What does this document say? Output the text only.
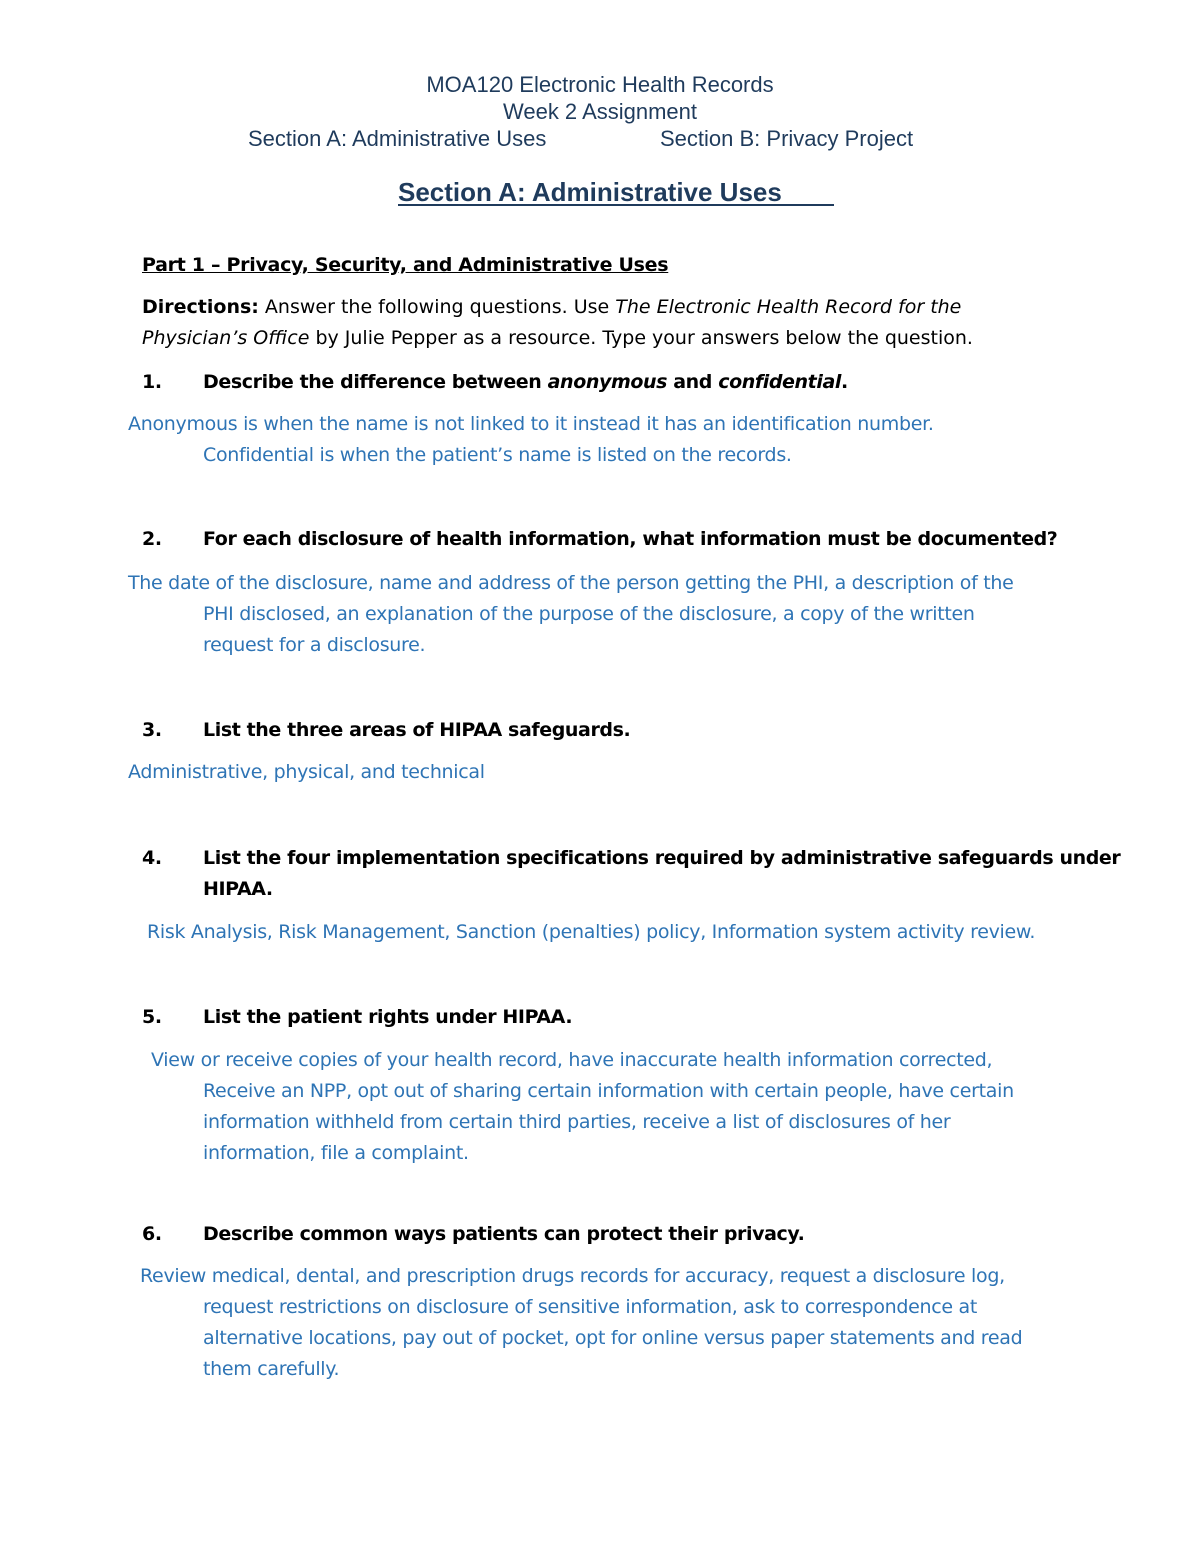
MOA120 Electronic Health Records
Week 2 Assignment
Section A: Administrative Uses	Section B: Privacy Project
Section A: Administrative Uses
Part 1 – Privacy, Security, and Administrative Uses
Directions: Answer the following questions. Use The Electronic Health Record for the
Physician’s Office by Julie Pepper as a resource. Type your answers below the question.
1. Describe the difference between anonymous and confidential.
Anonymous is when the name is not linked to it instead it has an identification number.
Confidential is when the patient’s name is listed on the records.
2. For each disclosure of health information, what information must be documented?
The date of the disclosure, name and address of the person getting the PHI, a description of the
PHI disclosed, an explanation of the purpose of the disclosure, a copy of the written
request for a disclosure.
3. List the three areas of HIPAA safeguards.
Administrative, physical, and technical
4. List the four implementation specifications required by administrative safeguards under
HIPAA.
Risk Analysis, Risk Management, Sanction (penalties) policy, Information system activity review.
5. List the patient rights under HIPAA.
View or receive copies of your health record, have inaccurate health information corrected,
Receive an NPP, opt out of sharing certain information with certain people, have certain
information withheld from certain third parties, receive a list of disclosures of her
information, file a complaint.
6. Describe common ways patients can protect their privacy.
Review medical, dental, and prescription drugs records for accuracy, request a disclosure log,
request restrictions on disclosure of sensitive information, ask to correspondence at
alternative locations, pay out of pocket, opt for online versus paper statements and read
them carefully.
